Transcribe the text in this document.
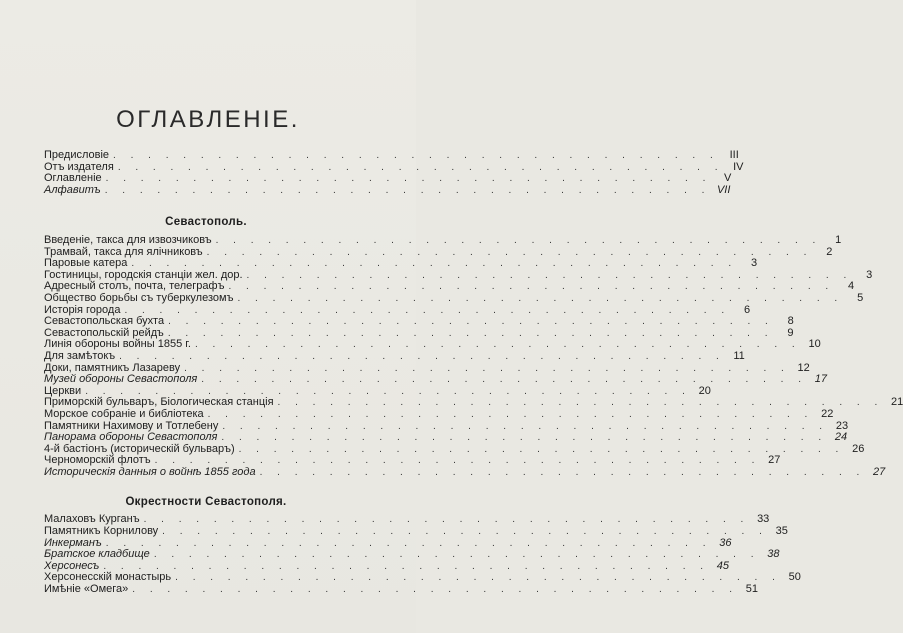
ОГЛАВЛЕНІЕ.
Предисловіе . . . . . . . . . . . . . . . . . . . . . . . . . . . . . . . . . . . III
Отъ издателя . . . . . . . . . . . . . . . . . . . . . . . . . . . . . . . . . . . IV
Оглавленіе . . . . . . . . . . . . . . . . . . . . . . . . . . . . . . . . . . .	V
Алфавитъ . . . . . . . . . . . . . . . . . . . . . . . . . . . . . . . . . . . VII
Севастополь.
Введеніе, такса для извозчиковъ . . . . . . . . . . . . . . . . . . . . . . . . . . . . . . . . . . .	1
Трамвай, такса для ялічниковъ . . . . . . . . . . . . . . . . . . . . . . . . . . . . . . . . . . .	2
Паровые катера . . . . . . . . . . . . . . . . . . . . . . . . . . . . . . . . . . .	3
Гостиницы, городскія станціи жел. дор. . . . . . . . . . . . . . . . . . . . . . . . . . . . . . . . . . . .	3
Адресный столъ, почта, телеграфъ . . . . . . . . . . . . . . . . . . . . . . . . . . . . . . . . . . .	4
Общество борьбы съ туберкулезомъ . . . . . . . . . . . . . . . . . . . . . . . . . . . . . . . . . . .	5
Исторія города . . . . . . . . . . . . . . . . . . . . . . . . . . . . . . . . . . .	6
Севастопольская бухта . . . . . . . . . . . . . . . . . . . . . . . . . . . . . . . . . . .	8
Севастопольскій рейдъ . . . . . . . . . . . . . . . . . . . . . . . . . . . . . . . . . . .	9
Линія обороны войны 1855 г. . . . . . . . . . . . . . . . . . . . . . . . . . . . . . . . . . . . 10
Для замѣтокъ . . . . . . . . . . . . . . . . . . . . . . . . . . . . . . . . . . . 11
Доки, памятникъ Лазареву . . . . . . . . . . . . . . . . . . . . . . . . . . . . . . . . . . . 12
Музей обороны Севастополя . . . . . . . . . . . . . . . . . . . . . . . . . . . . . . . . . . . 17
Церкви . . . . . . . . . . . . . . . . . . . . . . . . . . . . . . . . . . . 20
Приморскій бульваръ, Біологическая станція . . . . . . . . . . . . . . . . . . . . . . . . . . . . . . . . . . . 21
Морское собраніе и библіотека . . . . . . . . . . . . . . . . . . . . . . . . . . . . . . . . . . . 22
Памятники Нахимову и Тотлебену . . . . . . . . . . . . . . . . . . . . . . . . . . . . . . . . . . . 23
Панорама обороны Севастополя . . . . . . . . . . . . . . . . . . . . . . . . . . . . . . . . . . . 24
4-й бастіонъ (историческій бульваръ) . . . . . . . . . . . . . . . . . . . . . . . . . . . . . . . . . . . 26
Черноморскій флотъ . . . . . . . . . . . . . . . . . . . . . . . . . . . . . . . . . . . 27
Историческія данныя о войнѣ 1855 года . . . . . . . . . . . . . . . . . . . . . . . . . . . . . . . . . . . 27
Окрестности Севастополя.
Малаховъ Курганъ . . . . . . . . . . . . . . . . . . . . . . . . . . . . . . . . . . . 33
Памятникъ Корнилову . . . . . . . . . . . . . . . . . . . . . . . . . . . . . . . . . . . 35
Инкерманъ . . . . . . . . . . . . . . . . . . . . . . . . . . . . . . . . . . . 36
Братское кладбище . . . . . . . . . . . . . . . . . . . . . . . . . . . . . . . . . . . 38
Херсонесъ . . . . . . . . . . . . . . . . . . . . . . . . . . . . . . . . . . . 45
Херсонесскій монастырь . . . . . . . . . . . . . . . . . . . . . . . . . . . . . . . . . . . 50
Имѣніе «Омега» . . . . . . . . . . . . . . . . . . . . . . . . . . . . . . . . . . . 51
